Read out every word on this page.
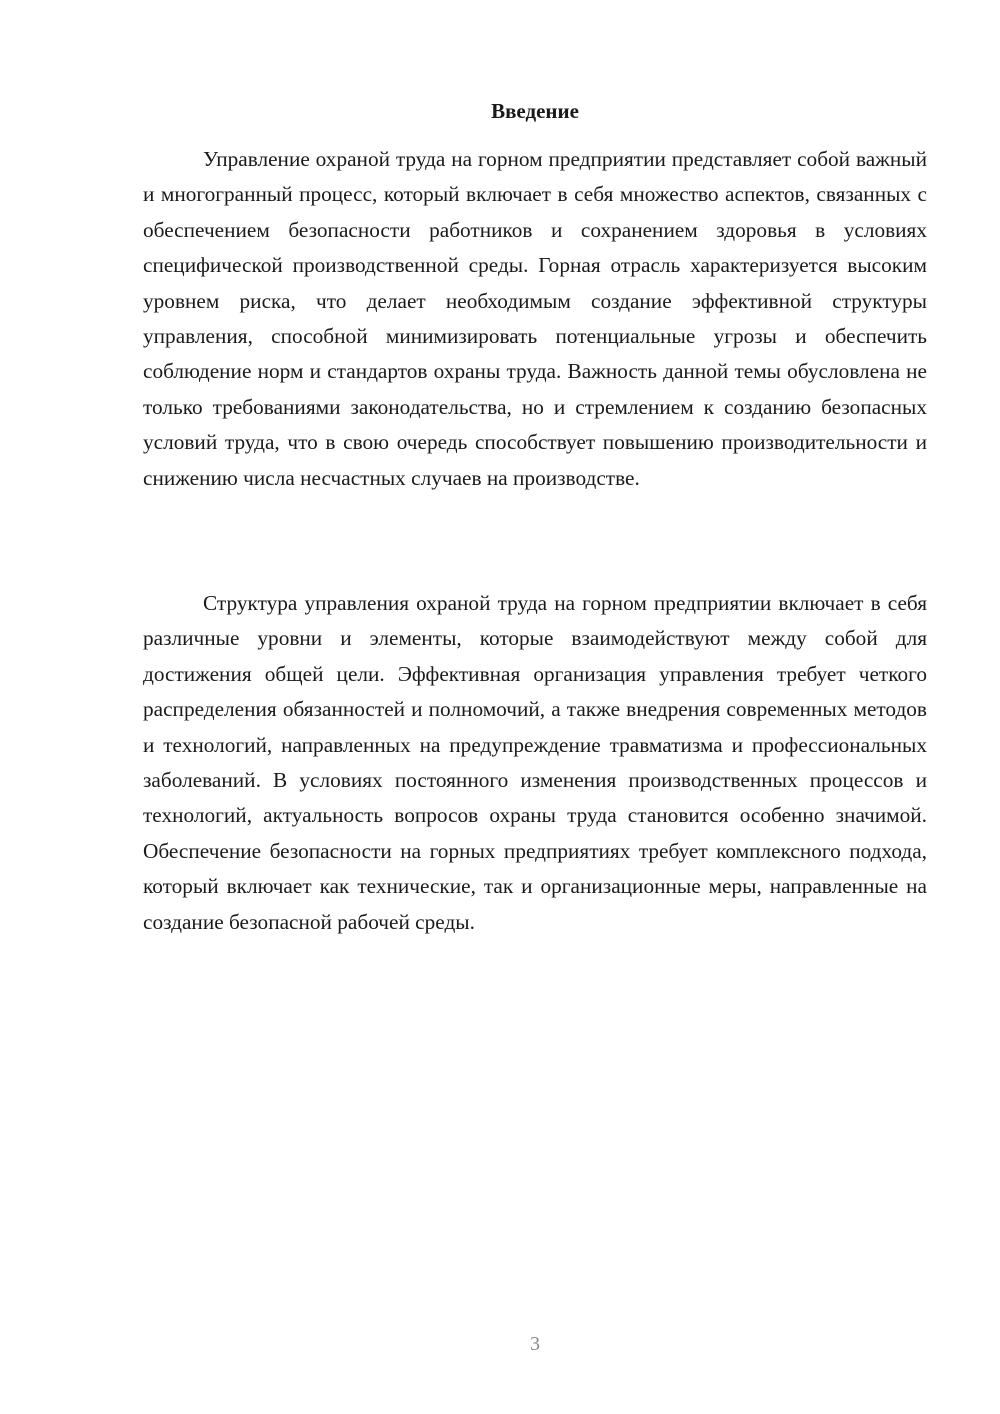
Введение

Управление охраной труда на горном предприятии представляет собой важный и многогранный процесс, который включает в себя множество аспектов, связанных с обеспечением безопасности работников и сохранением здоровья в условиях специфической производственной среды. Горная отрасль характеризуется высоким уровнем риска, что делает необходимым создание эффективной структуры управления, способной минимизировать потенциальные угрозы и обеспечить соблюдение норм и стандартов охраны труда. Важность данной темы обусловлена не только требованиями законодательства, но и стремлением к созданию безопасных условий труда, что в свою очередь способствует повышению производительности и снижению числа несчастных случаев на производстве.

Структура управления охраной труда на горном предприятии включает в себя различные уровни и элементы, которые взаимодействуют между собой для достижения общей цели. Эффективная организация управления требует четкого распределения обязанностей и полномочий, а также внедрения современных методов и технологий, направленных на предупреждение травматизма и профессиональных заболеваний. В условиях постоянного изменения производственных процессов и технологий, актуальность вопросов охраны труда становится особенно значимой. Обеспечение безопасности на горных предприятиях требует комплексного подхода, который включает как технические, так и организационные меры, направленные на создание безопасной рабочей среды.

3
